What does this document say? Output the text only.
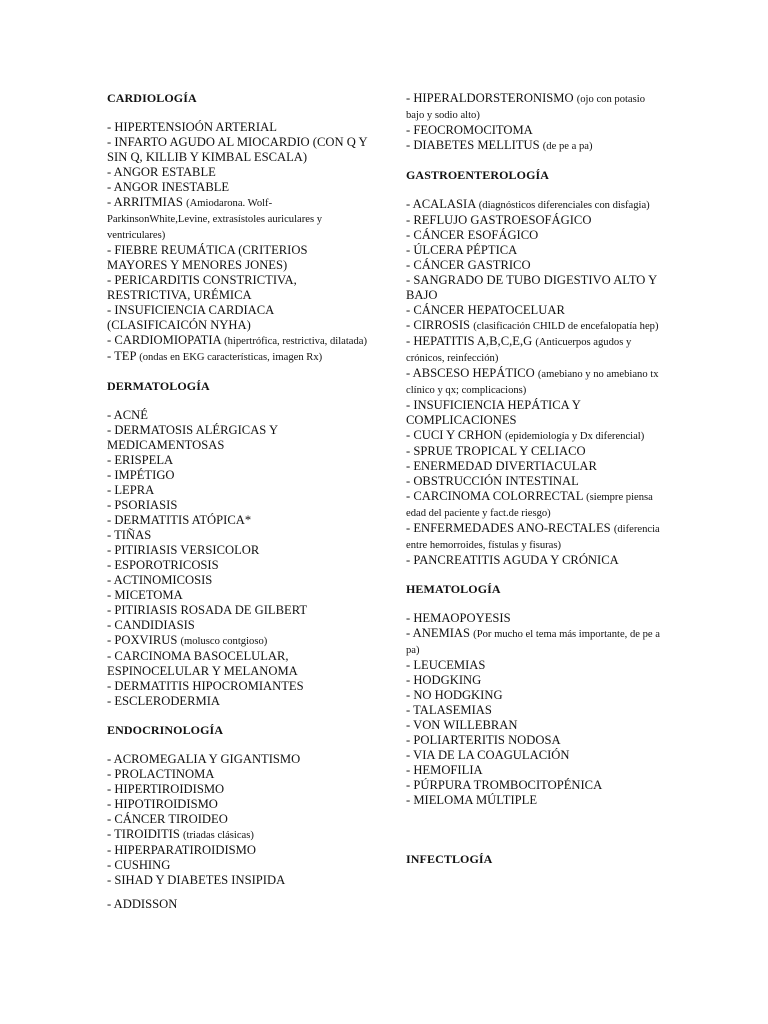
CARDIOLOGÍA
- HIPERTENSIOÓN ARTERIAL
- INFARTO AGUDO AL MIOCARDIO (CON Q Y SIN Q, KILLIB Y KIMBAL ESCALA)
- ANGOR ESTABLE
- ANGOR INESTABLE
- ARRITMIAS (Amiodarona. Wolf-ParkinsonWhite,Levine, extrasístoles auriculares y ventriculares)
- FIEBRE REUMÁTICA (CRITERIOS MAYORES Y MENORES JONES)
- PERICARDITIS CONSTRICTIVA, RESTRICTIVA, URÉMICA
- INSUFICIENCIA CARDIACA (CLASIFICAICÓN NYHA)
- CARDIOMIOPATIA (hipertrófica, restrictiva, dilatada)
- TEP (ondas en EKG características, imagen Rx)
DERMATOLOGÍA
- ACNÉ
- DERMATOSIS ALÉRGICAS Y MEDICAMENTOSAS
- ERISPELA
- IMPÉTIGO
- LEPRA
- PSORIASIS
- DERMATITIS ATÓPICA*
- TIÑAS
- PITIRIASIS VERSICOLOR
- ESPOROTRICOSIS
- ACTINOMICOSIS
- MICETOMA
- PITIRIASIS ROSADA DE GILBERT
- CANDIDIASIS
- POXVIRUS (molusco contgioso)
- CARCINOMA BASOCELULAR, ESPINOCELULAR Y MELANOMA
- DERMATITIS HIPOCROMIANTES
- ESCLERODERMIA
ENDOCRINOLOGÍA
- ACROMEGALIA Y GIGANTISMO
- PROLACTINOMA
- HIPERTIROIDISMO
- HIPOTIROIDISMO
- CÁNCER TIROIDEO
- TIROIDITIS (triadas clásicas)
- HIPERPARATIROIDISMO
- CUSHING
- SIHAD Y DIABETES INSIPIDA
- ADDISSON
- HIPERALDORSTERONISMO (ojo con potasio bajo y sodio alto)
- FEOCROMOCITOMA
- DIABETES MELLITUS (de pe a pa)
GASTROENTEROLOGÍA
- ACALASIA (diagnósticos diferenciales con disfagia)
- REFLUJO GASTROESOFÁGICO
- CÁNCER ESOFÁGICO
- ÚLCERA PÉPTICA
- CÁNCER GASTRICO
- SANGRADO DE TUBO DIGESTIVO ALTO Y BAJO
- CÁNCER HEPATOCELUAR
- CIRROSIS (clasificación CHILD de encefalopatía hep)
- HEPATITIS A,B,C,E,G (Anticuerpos agudos y crónicos, reinfección)
- ABSCESO HEPÁTICO (amebiano y no amebiano tx clínico y qx; complicacions)
- INSUFICIENCIA HEPÁTICA Y COMPLICACIONES
- CUCI Y CRHON (epidemiología y Dx diferencial)
- SPRUE TROPICAL Y CELIACO
- ENERMEDAD DIVERTIACULAR
- OBSTRUCCIÓN INTESTINAL
- CARCINOMA COLORRECTAL (siempre piensa edad del paciente y fact.de riesgo)
- ENFERMEDADES ANO-RECTALES (diferencia entre hemorroides, fístulas y fisuras)
- PANCREATITIS AGUDA Y CRÓNICA
HEMATOLOGÍA
- HEMAOPOYESIS
- ANEMIAS (Por mucho el tema más importante, de pe a pa)
- LEUCEMIAS
- HODGKING
- NO HODGKING
- TALASEMIAS
- VON WILLEBRAN
- POLIARTERITIS NODOSA
- VIA DE LA COAGULACIÓN
- HEMOFILIA
- PÚRPURA TROMBOCITOPÉNICA
- MIELOMA MÚLTIPLE
INFECTLOGÍA
